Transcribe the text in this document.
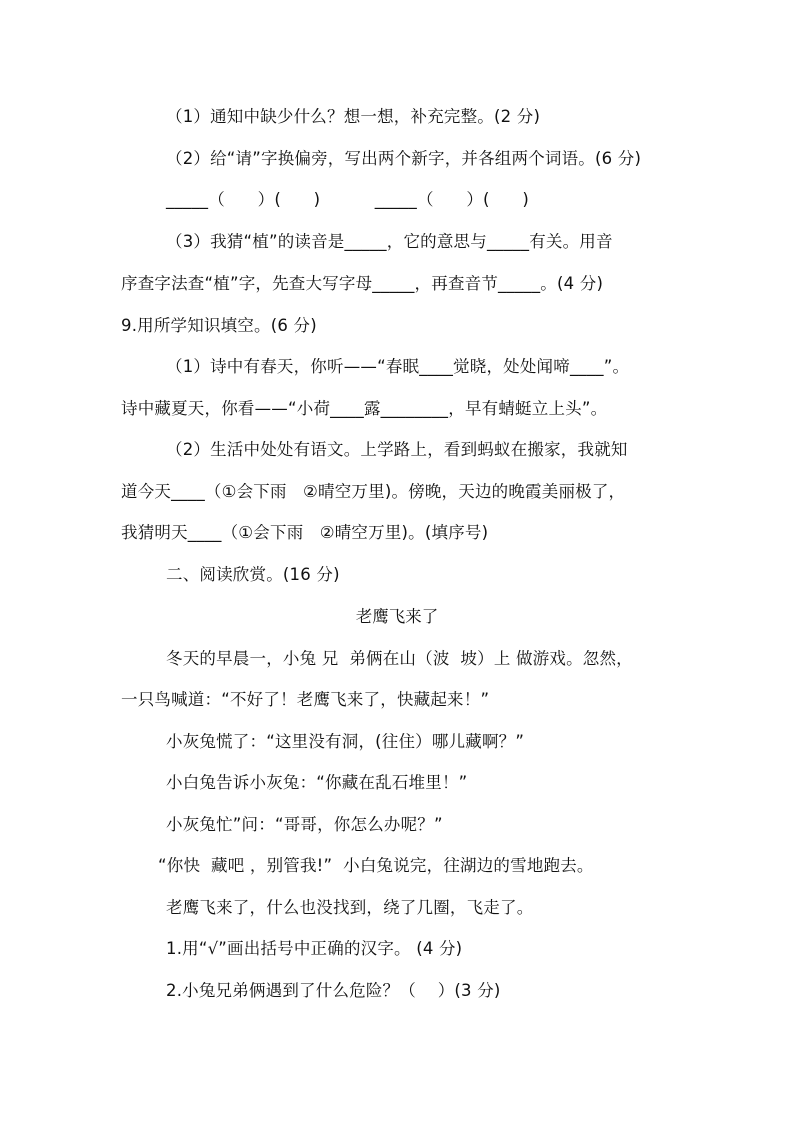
（1）通知中缺少什么？想一想，补充完整。(2 分)
（2）给“请”字换偏旁，写出两个新字，并各组两个词语。(6 分)
_____（      ）(      )          _____（      ）(      )
（3）我猜“植”的读音是_____，它的意思与_____有关。用音
序查字法查“植”字，先查大写字母_____，再查音节_____。(4 分)
9.用所学知识填空。(6 分)
（1）诗中有春天，你听——“春眠____觉晓，处处闻啼____”。
诗中藏夏天，你看——“小荷____露________，早有蜻蜓立上头”。
（2）生活中处处有语文。上学路上，看到蚂蚁在搬家，我就知
道今天____（①会下雨   ②晴空万里)。傍晚，天边的晚霞美丽极了，
我猜明天____（①会下雨   ②晴空万里)。(填序号)
二、阅读欣赏。(16 分)
老鹰飞来了
冬天的早晨一，小兔 兄  弟俩在山（波  坡）上 做游戏。忽然，
一只鸟喊道：“不好了！老鹰飞来了，快藏起来！”
小灰兔慌了：“这里没有洞，(往住）哪儿藏啊？”
小白兔告诉小灰兔：“你藏在乱石堆里！”
小灰兔忙”问：“哥哥，你怎么办呢？”
“你快  藏吧 ，别管我!”  小白兔说完，往湖边的雪地跑去。
老鹰飞来了，什么也没找到，绕了几圈，飞走了。
1.用“√”画出括号中正确的汉字。 (4 分)
2.小兔兄弟俩遇到了什么危险？（    ）(3 分)
